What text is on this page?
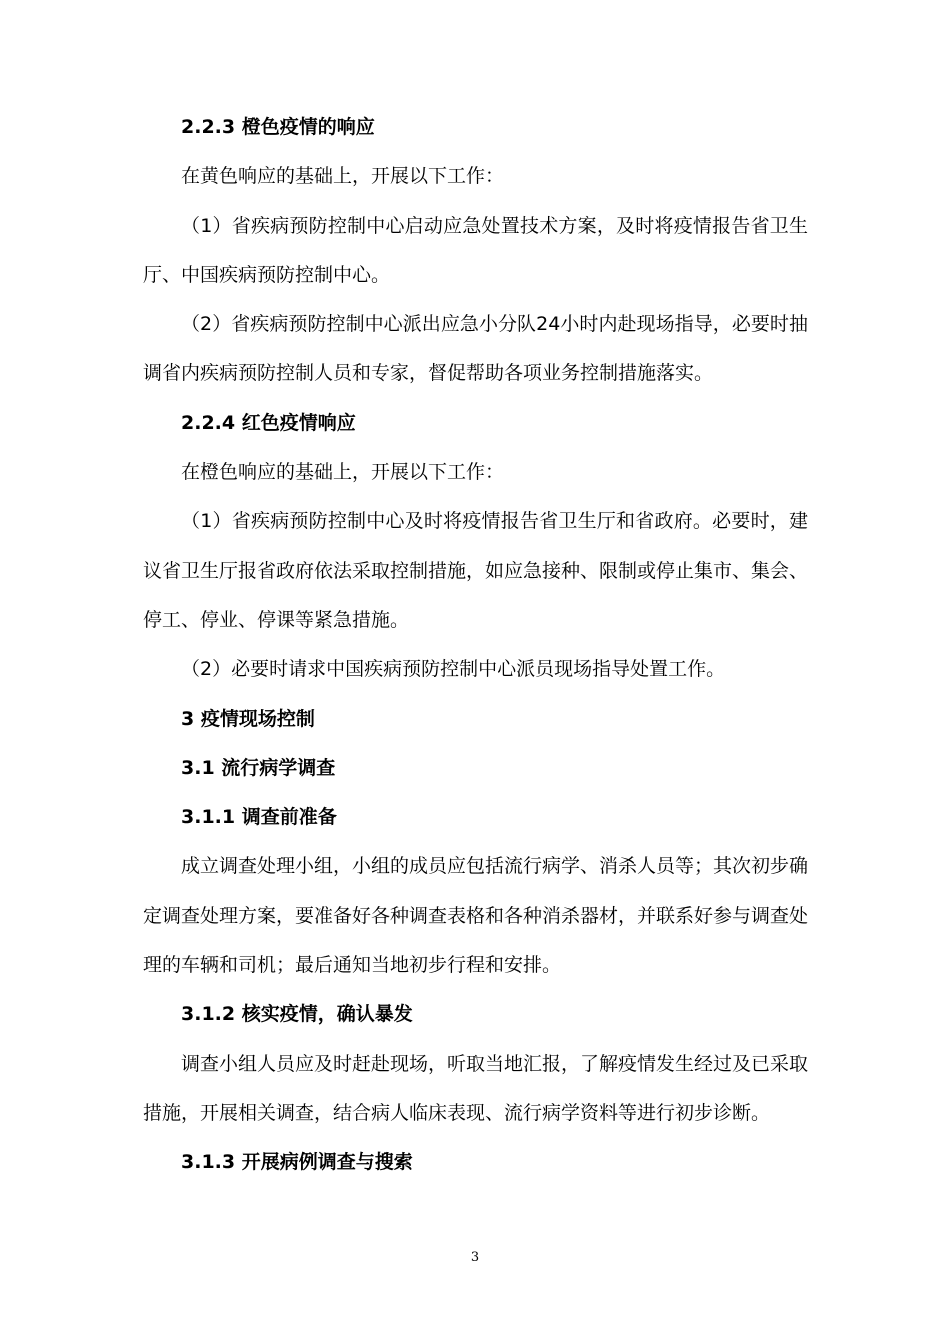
2.2.3 橙色疫情的响应

在黄色响应的基础上，开展以下工作：

（1）省疾病预防控制中心启动应急处置技术方案，及时将疫情报告省卫生厅、中国疾病预防控制中心。

（2）省疾病预防控制中心派出应急小分队24小时内赴现场指导，必要时抽调省内疾病预防控制人员和专家，督促帮助各项业务控制措施落实。

2.2.4 红色疫情响应

在橙色响应的基础上，开展以下工作：

（1）省疾病预防控制中心及时将疫情报告省卫生厅和省政府。必要时，建议省卫生厅报省政府依法采取控制措施，如应急接种、限制或停止集市、集会、停工、停业、停课等紧急措施。

（2）必要时请求中国疾病预防控制中心派员现场指导处置工作。

3 疫情现场控制

3.1 流行病学调查

3.1.1 调查前准备

成立调查处理小组，小组的成员应包括流行病学、消杀人员等；其次初步确定调查处理方案，要准备好各种调查表格和各种消杀器材，并联系好参与调查处理的车辆和司机；最后通知当地初步行程和安排。

3.1.2 核实疫情，确认暴发

调查小组人员应及时赶赴现场，听取当地汇报，了解疫情发生经过及已采取措施，开展相关调查，结合病人临床表现、流行病学资料等进行初步诊断。

3.1.3 开展病例调查与搜索

3
